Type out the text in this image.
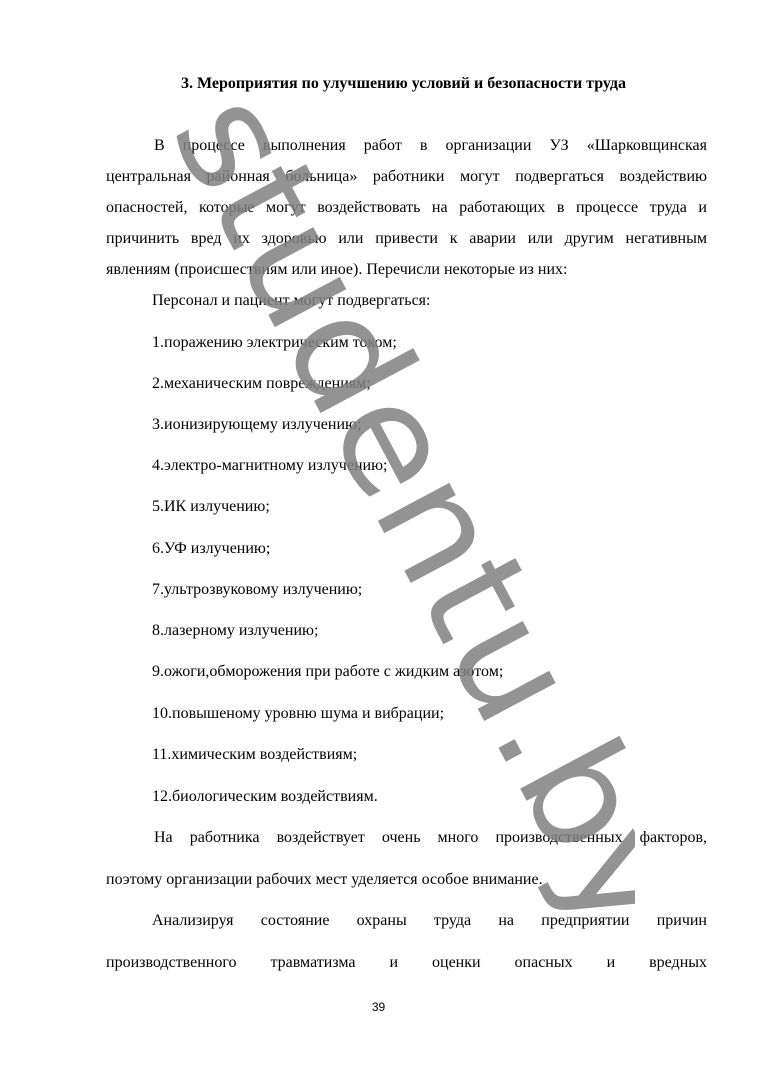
3. Мероприятия по улучшению условий и безопасности труда
В процессе выполнения работ в организации УЗ «Шарковщинская
центральная районная больница» работники могут подвергаться воздействию
опасностей, которые могут воздействовать на работающих в процессе труда и
причинить вред их здоровью или привести к аварии или другим негативным
явлениям (происшествиям или иное). Перечисли некоторые из них:
Персонал и пациент могут подвергаться:
1.поражению электрическим током;
2.механическим повреждениям;
3.ионизирующему излучению;
4.электро-магнитному излучению;
5.ИК излучению;
6.УФ излучению;
7.ультрозвуковому излучению;
8.лазерному излучению;
9.ожоги,обморожения при работе с жидким азотом;
10.повышеному уровню шума и вибрации;
11.химическим воздействиям;
12.биологическим воздействиям.
На работника воздействует очень много производственных факторов,
поэтому организации рабочих мест уделяется особое внимание.
Анализируя состояние охраны труда на предприятии причин
производственного травматизма и оценки опасных и вредных
39
studentu.by
